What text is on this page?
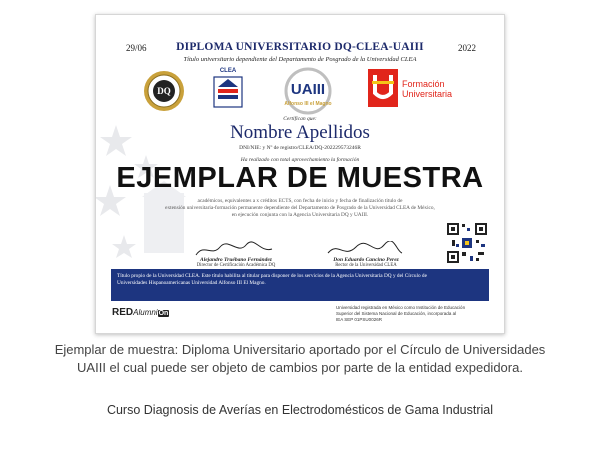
29/06	2022
DIPLOMA UNIVERSITARIO DQ-CLEA-UAIII
Título universitario dependiente del Departamento de Posgrado de la Universidad CLEA
DQ
CLEA
UAIII
Alfonso III el Magno
Formación
Universitaria
Certifican que:
Nombre Apellidos
DNI/NIE: y Nº de registro/CLEA/DQ-202229573246R
Ha realizado con total aprovechamiento la formación
EJEMPLAR DE MUESTRA
académicos, equivalentes a x créditos ECTS, con fecha de inicio y fecha de finalización titulo de
extensión universitaria-formación permanente dependiente del Departamento de Posgrado de la Universidad CLEA de México,
en ejecución conjunta con la Agencia Universitaria DQ y UAIII.
Alejandro Truébano Fernández
Director de Certificación Académica DQ
Don Eduardo Cancino Perez
Rector de la Universidad CLEA

Título propio de la Universidad CLEA. Este título habilita al titular para disponer de los servicios de la Agencia Universitaria DQ y del Círculo de

Universidades Hispanoamericanas Universidad Alfonso III El Magno.

REDAlumniOn
Universidad registrada en México como Institución de Educación
Superior del Sistema Nacional de Educación, incorporada al
IEA SEP 01PSU0026R
Ejemplar de muestra: Diploma Universitario aportado por el Círculo de Universidades
UAIII el cual puede ser objeto de cambios por parte de la entidad expedidora.
Curso Diagnosis de Averías en Electrodomésticos de Gama Industrial
